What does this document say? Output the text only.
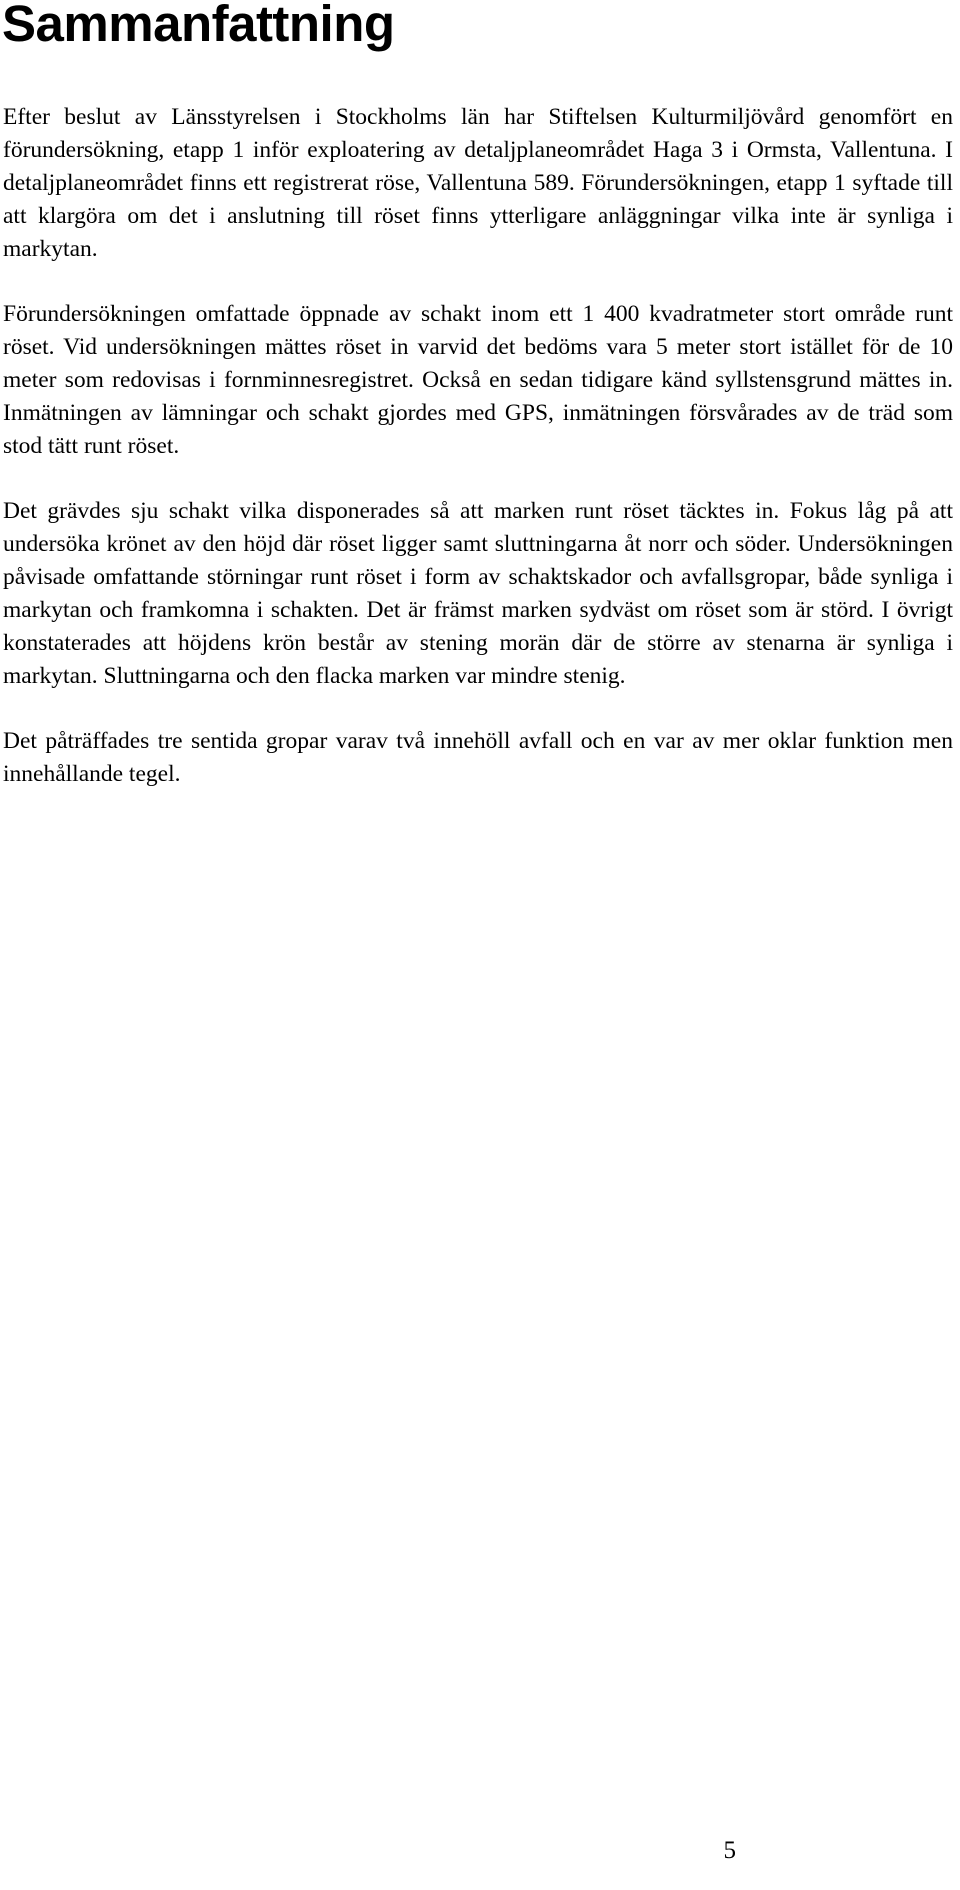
Sammanfattning

Efter beslut av Länsstyrelsen i Stockholms län har Stiftelsen Kulturmiljövård genomfört en förundersökning, etapp 1 inför exploatering av detaljplaneområdet Haga 3 i Ormsta, Vallentuna. I detaljplaneområdet finns ett registrerat röse, Vallentuna 589. Förundersökningen, etapp 1 syftade till att klargöra om det i anslutning till röset finns ytterligare anläggningar vilka inte är synliga i markytan.

Förundersökningen omfattade öppnade av schakt inom ett 1 400 kvadratmeter stort område runt röset. Vid undersökningen mättes röset in varvid det bedöms vara 5 meter stort istället för de 10 meter som redovisas i fornminnesregistret. Också en sedan tidigare känd syllstensgrund mättes in. Inmätningen av lämningar och schakt gjordes med GPS, inmätningen försvårades av de träd som stod tätt runt röset.

Det grävdes sju schakt vilka disponerades så att marken runt röset täcktes in. Fokus låg på att undersöka krönet av den höjd där röset ligger samt sluttningarna åt norr och söder. Undersökningen påvisade omfattande störningar runt röset i form av schaktskador och avfallsgropar, både synliga i markytan och framkomna i schakten. Det är främst marken sydväst om röset som är störd. I övrigt konstaterades att höjdens krön består av stening morän där de större av stenarna är synliga i markytan. Sluttningarna och den flacka marken var mindre stenig.

Det påträffades tre sentida gropar varav två innehöll avfall och en var av mer oklar funktion men innehållande tegel.

5
